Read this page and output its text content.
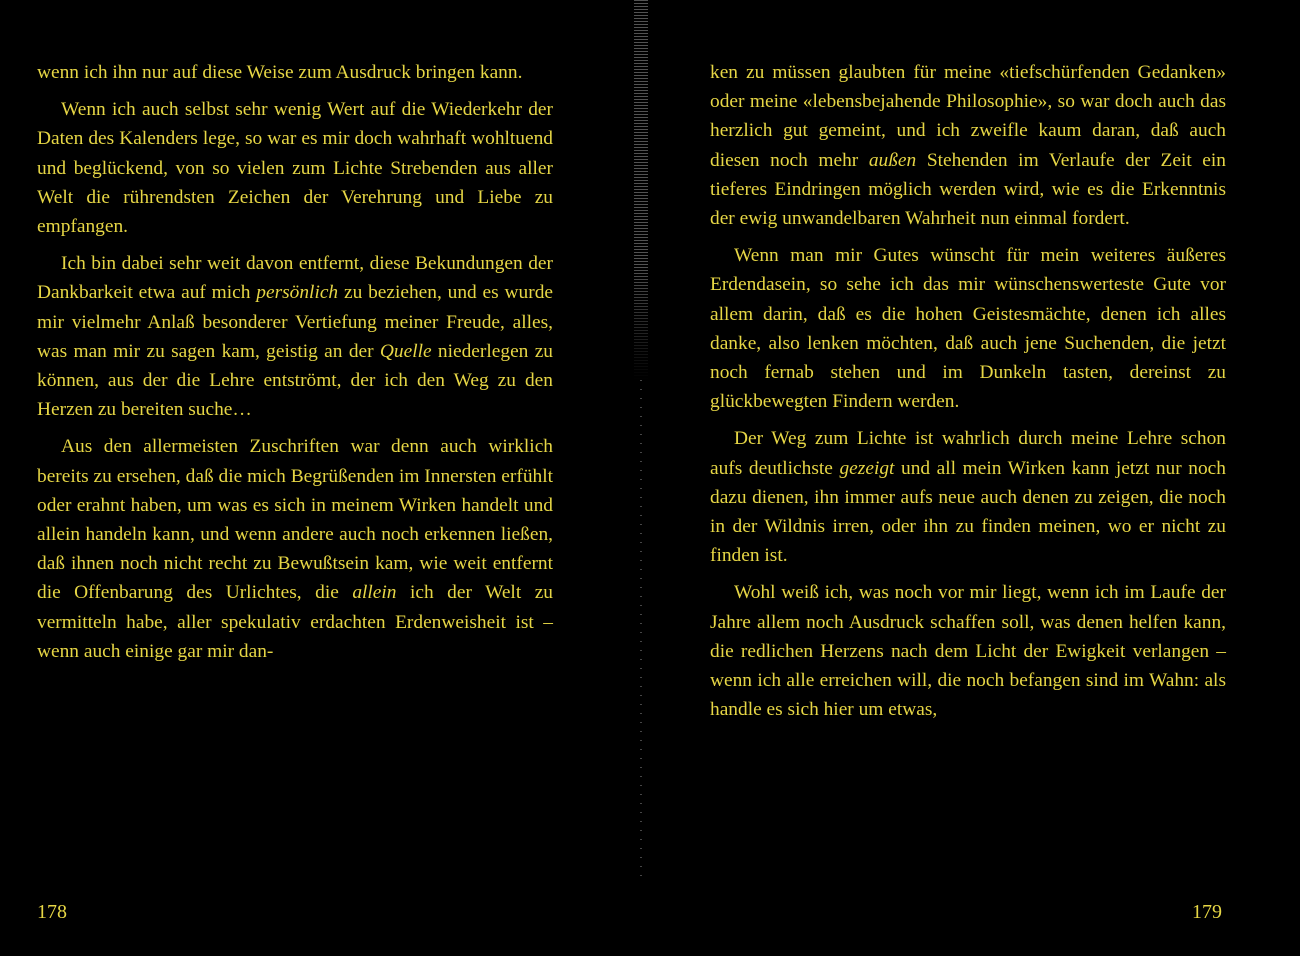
wenn ich ihn nur auf diese Weise zum Ausdruck bringen kann.

Wenn ich auch selbst sehr wenig Wert auf die Wiederkehr der Daten des Kalenders lege, so war es mir doch wahrhaft wohltuend und beglückend, von so vielen zum Lichte Strebenden aus aller Welt die rührendsten Zeichen der Verehrung und Liebe zu empfangen.

Ich bin dabei sehr weit davon entfernt, diese Bekundungen der Dankbarkeit etwa auf mich persönlich zu beziehen, und es wurde mir vielmehr Anlaß besonderer Vertiefung meiner Freude, alles, was man mir zu sagen kam, geistig an der Quelle niederlegen zu können, aus der die Lehre entströmt, der ich den Weg zu den Herzen zu bereiten suche…

Aus den allermeisten Zuschriften war denn auch wirklich bereits zu ersehen, daß die mich Begrüßenden im Innersten erfühlt oder erahnt haben, um was es sich in meinem Wirken handelt und allein handeln kann, und wenn andere auch noch erkennen ließen, daß ihnen noch nicht recht zu Bewußtsein kam, wie weit entfernt die Offenbarung des Urlichtes, die allein ich der Welt zu vermitteln habe, aller spekulativ erdachten Erdenweisheit ist – wenn auch einige gar mir dan-

ken zu müssen glaubten für meine «tiefschürfenden Gedanken» oder meine «lebensbejahende Philosophie», so war doch auch das herzlich gut gemeint, und ich zweifle kaum daran, daß auch diesen noch mehr außen Stehenden im Verlaufe der Zeit ein tieferes Eindringen möglich werden wird, wie es die Erkenntnis der ewig unwandelbaren Wahrheit nun einmal fordert.

Wenn man mir Gutes wünscht für mein weiteres äußeres Erdendasein, so sehe ich das mir wünschenswerteste Gute vor allem darin, daß es die hohen Geistesmächte, denen ich alles danke, also lenken möchten, daß auch jene Suchenden, die jetzt noch fernab stehen und im Dunkeln tasten, dereinst zu glückbewegten Findern werden.

Der Weg zum Lichte ist wahrlich durch meine Lehre schon aufs deutlichste gezeigt und all mein Wirken kann jetzt nur noch dazu dienen, ihn immer aufs neue auch denen zu zeigen, die noch in der Wildnis irren, oder ihn zu finden meinen, wo er nicht zu finden ist.

Wohl weiß ich, was noch vor mir liegt, wenn ich im Laufe der Jahre allem noch Ausdruck schaffen soll, was denen helfen kann, die redlichen Herzens nach dem Licht der Ewigkeit verlangen – wenn ich alle erreichen will, die noch befangen sind im Wahn: als handle es sich hier um etwas,

178	179
